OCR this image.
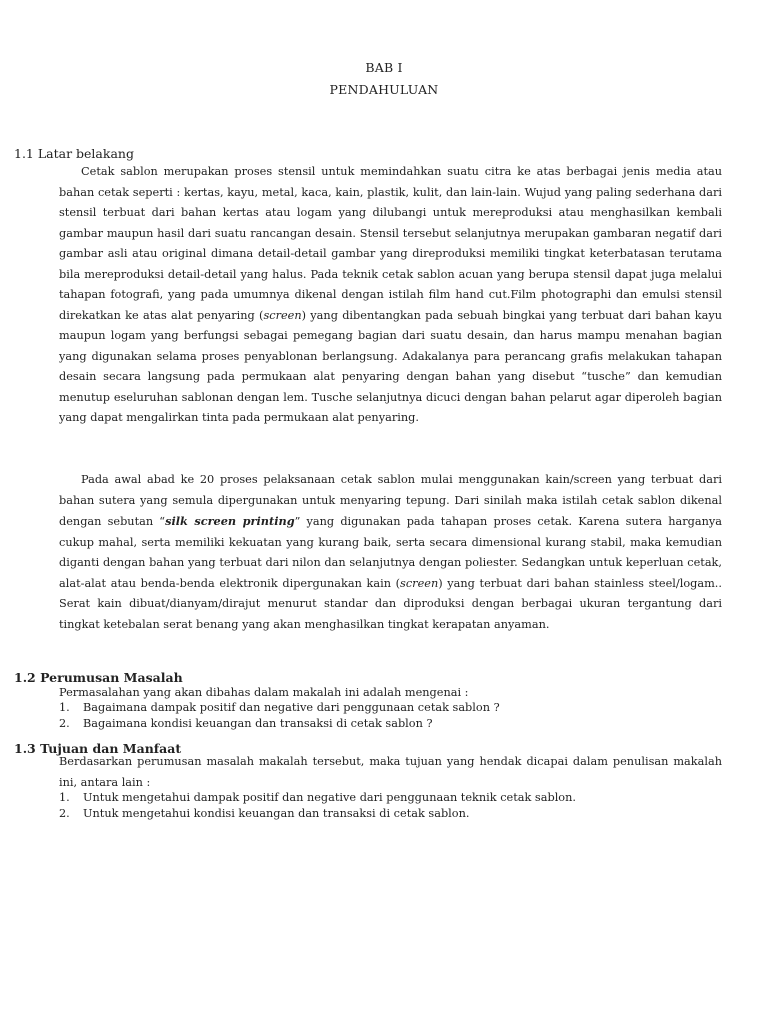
BAB I
PENDAHULUAN
1.1 Latar belakang
Cetak sablon merupakan proses stensil untuk memindahkan suatu citra ke atas berbagai jenis media atau bahan cetak seperti : kertas, kayu, metal, kaca, kain, plastik, kulit, dan lain-lain. Wujud yang paling sederhana dari stensil terbuat dari bahan kertas atau logam yang dilubangi untuk mereproduksi atau menghasilkan kembali gambar maupun hasil dari suatu rancangan desain. Stensil tersebut selanjutnya merupakan gambaran negatif dari gambar asli atau original dimana detail-detail gambar yang direproduksi memiliki tingkat keterbatasan terutama bila mereproduksi detail-detail yang halus. Pada teknik cetak sablon acuan yang berupa stensil dapat juga melalui tahapan fotografi, yang pada umumnya dikenal dengan istilah film hand cut.Film photographi dan emulsi stensil direkatkan ke atas alat penyaring (screen) yang dibentangkan pada sebuah bingkai yang terbuat dari bahan kayu maupun logam yang berfungsi sebagai pemegang bagian dari suatu desain, dan harus mampu menahan bagian yang digunakan selama proses penyablonan berlangsung. Adakalanya para perancang grafis melakukan tahapan desain secara langsung pada permukaan alat penyaring dengan bahan yang disebut “tusche” dan kemudian menutup eseluruhan sablonan dengan lem. Tusche selanjutnya dicuci dengan bahan pelarut agar diperoleh bagian yang dapat mengalirkan tinta pada permukaan alat penyaring.
Pada awal abad ke 20 proses pelaksanaan cetak sablon mulai menggunakan kain/screen yang terbuat dari bahan sutera yang semula dipergunakan untuk menyaring tepung. Dari sinilah maka istilah cetak sablon dikenal dengan sebutan “silk screen printing” yang digunakan pada tahapan proses cetak. Karena sutera harganya cukup mahal, serta memiliki kekuatan yang kurang baik, serta secara dimensional kurang stabil, maka kemudian diganti dengan bahan yang terbuat dari nilon dan selanjutnya dengan poliester. Sedangkan untuk keperluan cetak, alat-alat atau benda-benda elektronik dipergunakan kain (screen) yang terbuat dari bahan stainless steel/logam.. Serat kain dibuat/dianyam/dirajut menurut standar dan diproduksi dengan berbagai ukuran tergantung dari tingkat ketebalan serat benang yang akan menghasilkan tingkat kerapatan anyaman.
1.2 Perumusan Masalah
Permasalahan yang akan dibahas dalam makalah ini adalah mengenai :
1.	Bagaimana dampak positif dan negative dari penggunaan cetak sablon ?
2.	Bagaimana kondisi keuangan dan transaksi di cetak sablon ?
1.3 Tujuan dan Manfaat
Berdasarkan perumusan masalah makalah tersebut, maka tujuan yang hendak dicapai dalam penulisan makalah ini, antara lain :
1.	Untuk mengetahui dampak positif dan negative dari penggunaan teknik cetak sablon.
2.	Untuk mengetahui kondisi keuangan dan transaksi di cetak sablon.
